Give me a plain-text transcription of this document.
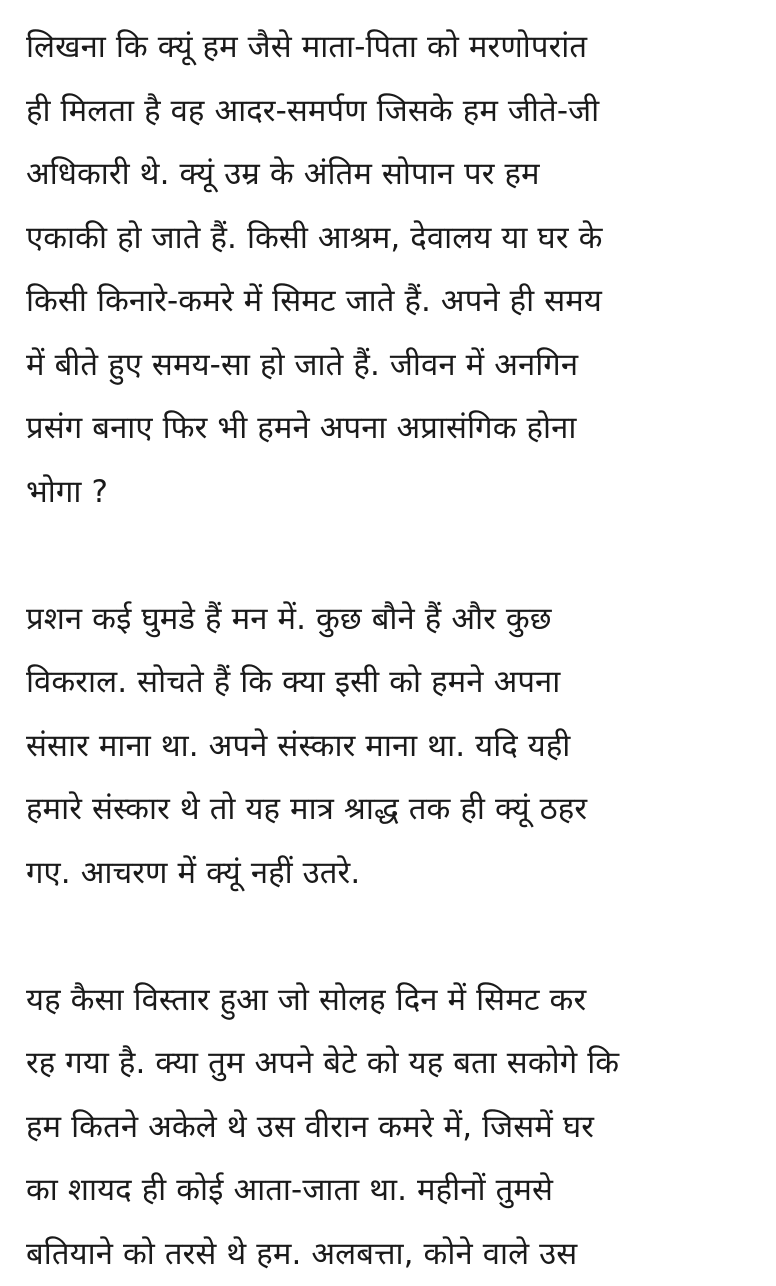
लिखना कि क्यूं हम जैसे माता-पिता को मरणोपरांत
ही मिलता है वह आदर-समर्पण जिसके हम जीते-जी
अधिकारी थे. क्यूं उम्र के अंतिम सोपान पर हम
एकाकी हो जाते हैं. किसी आश्रम, देवालय या घर के
किसी किनारे-कमरे में सिमट जाते हैं. अपने ही समय
में बीते हुए समय-सा हो जाते हैं. जीवन में अनगिन
प्रसंग बनाए फिर भी हमने अपना अप्रासंगिक होना
भोगा ?

प्रशन कई घुमडे हैं मन में. कुछ बौने हैं और कुछ
विकराल. सोचते हैं कि क्या इसी को हमने अपना
संसार माना था. अपने संस्कार माना था. यदि यही
हमारे संस्कार थे तो यह मात्र श्राद्ध तक ही क्यूं ठहर
गए. आचरण में क्यूं नहीं उतरे.

यह कैसा विस्तार हुआ जो सोलह दिन में सिमट कर
रह गया है. क्या तुम अपने बेटे को यह बता सकोगे कि
हम कितने अकेले थे उस वीरान कमरे में, जिसमें घर
का शायद ही कोई आता-जाता था. महीनों तुमसे
बतियाने को तरसे थे हम. अलबत्ता, कोने वाले उस
